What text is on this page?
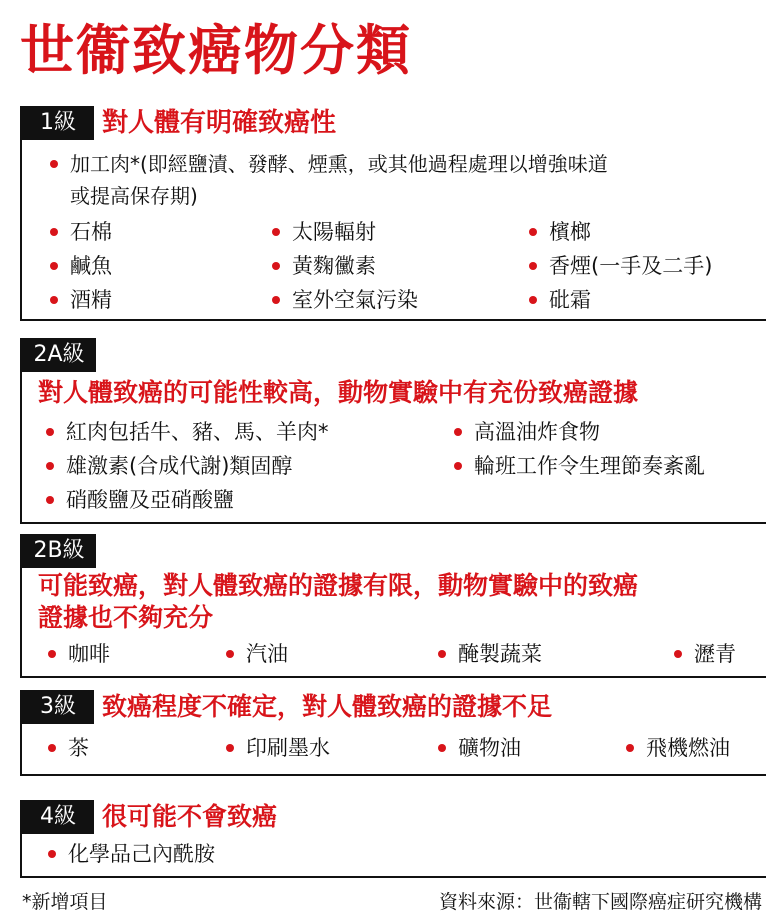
世衞致癌物分類
1級	對人體有明確致癌性
加工肉*(即經鹽漬、發酵、煙熏，或其他過程處理以增強味道
或提高保存期)
石棉	太陽輻射	檳榔
鹹魚	黃麴黴素	香煙(一手及二手)
酒精	室外空氣污染	砒霜
2A級
對人體致癌的可能性較高，動物實驗中有充份致癌證據
紅肉包括牛、豬、馬、羊肉*	高溫油炸食物
雄激素(合成代謝)類固醇	輪班工作令生理節奏紊亂
硝酸鹽及亞硝酸鹽
2B級
可能致癌，對人體致癌的證據有限，動物實驗中的致癌
證據也不夠充分
咖啡	汽油	醃製蔬菜	瀝青
3級	致癌程度不確定，對人體致癌的證據不足
茶	印刷墨水	礦物油	飛機燃油
4級	很可能不會致癌
化學品己內酰胺
*新增項目	資料來源：世衞轄下國際癌症研究機構
